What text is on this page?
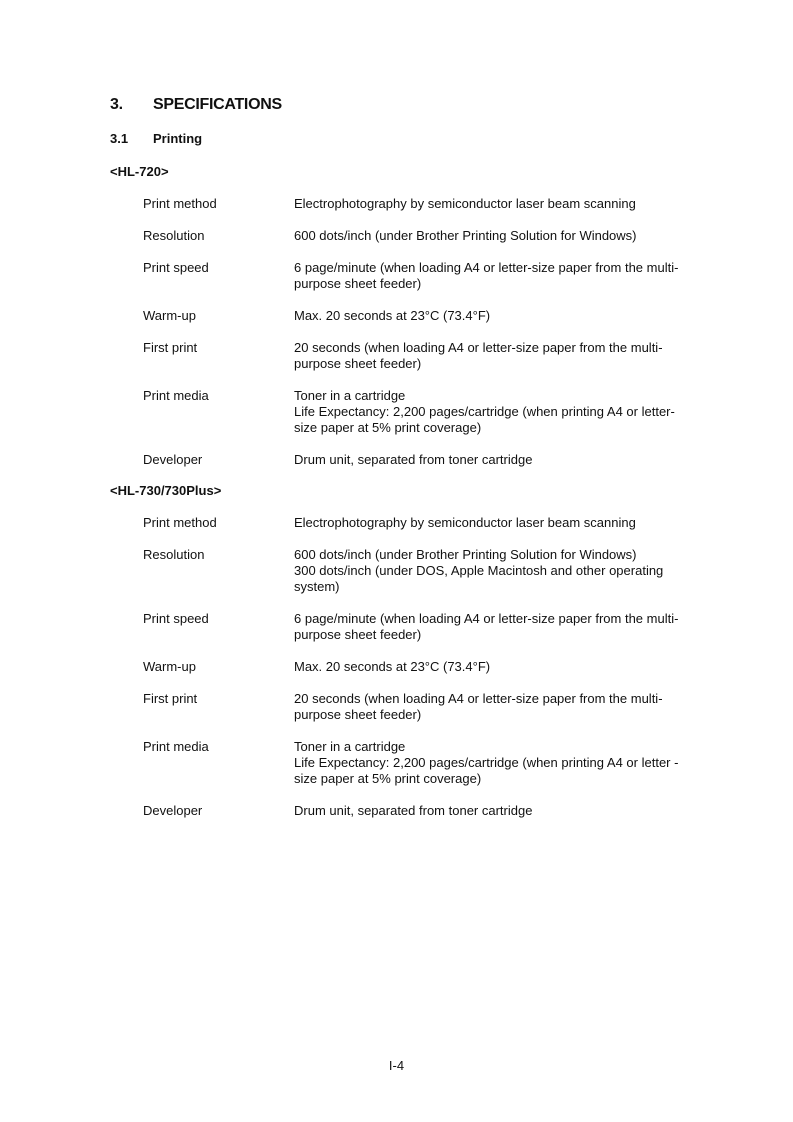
3. SPECIFICATIONS
3.1 Printing
<HL-720>
Print method	Electrophotography by semiconductor laser beam scanning
Resolution	600 dots/inch (under Brother Printing Solution for Windows)
Print speed	6 page/minute (when loading A4 or letter-size paper from the multi-
purpose sheet feeder)
Warm-up	Max. 20 seconds at 23°C (73.4°F)
First print	20 seconds (when loading A4 or letter-size paper from the multi-
purpose sheet feeder)
Print media	Toner in a cartridge
Life Expectancy: 2,200 pages/cartridge (when printing A4 or letter-
size paper at 5% print coverage)
Developer	Drum unit, separated from toner cartridge
<HL-730/730Plus>
Print method	Electrophotography by semiconductor laser beam scanning
Resolution	600 dots/inch (under Brother Printing Solution for Windows)
300 dots/inch (under DOS, Apple Macintosh and other operating
system)
Print speed	6 page/minute (when loading A4 or letter-size paper from the multi-
purpose sheet feeder)
Warm-up	Max. 20 seconds at 23°C (73.4°F)
First print	20 seconds (when loading A4 or letter-size paper from the multi-
purpose sheet feeder)
Print media	Toner in a cartridge
Life Expectancy: 2,200 pages/cartridge (when printing A4 or letter -
size paper at 5% print coverage)
Developer	Drum unit, separated from toner cartridge
I-4
